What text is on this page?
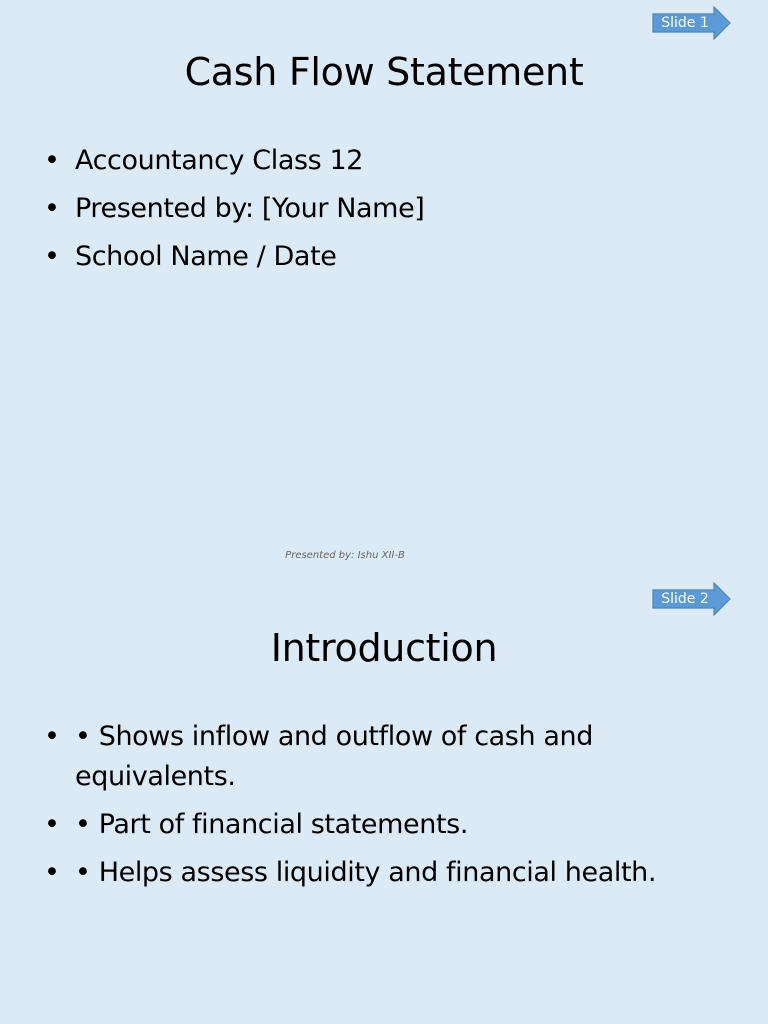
Slide 1
Cash Flow Statement
• Accountancy Class 12
• Presented by: [Your Name]
• School Name / Date
Presented by: Ishu XII-B
Slide 2
Introduction
• • Shows inflow and outflow of cash and equivalents.
• • Part of financial statements.
• • Helps assess liquidity and financial health.
